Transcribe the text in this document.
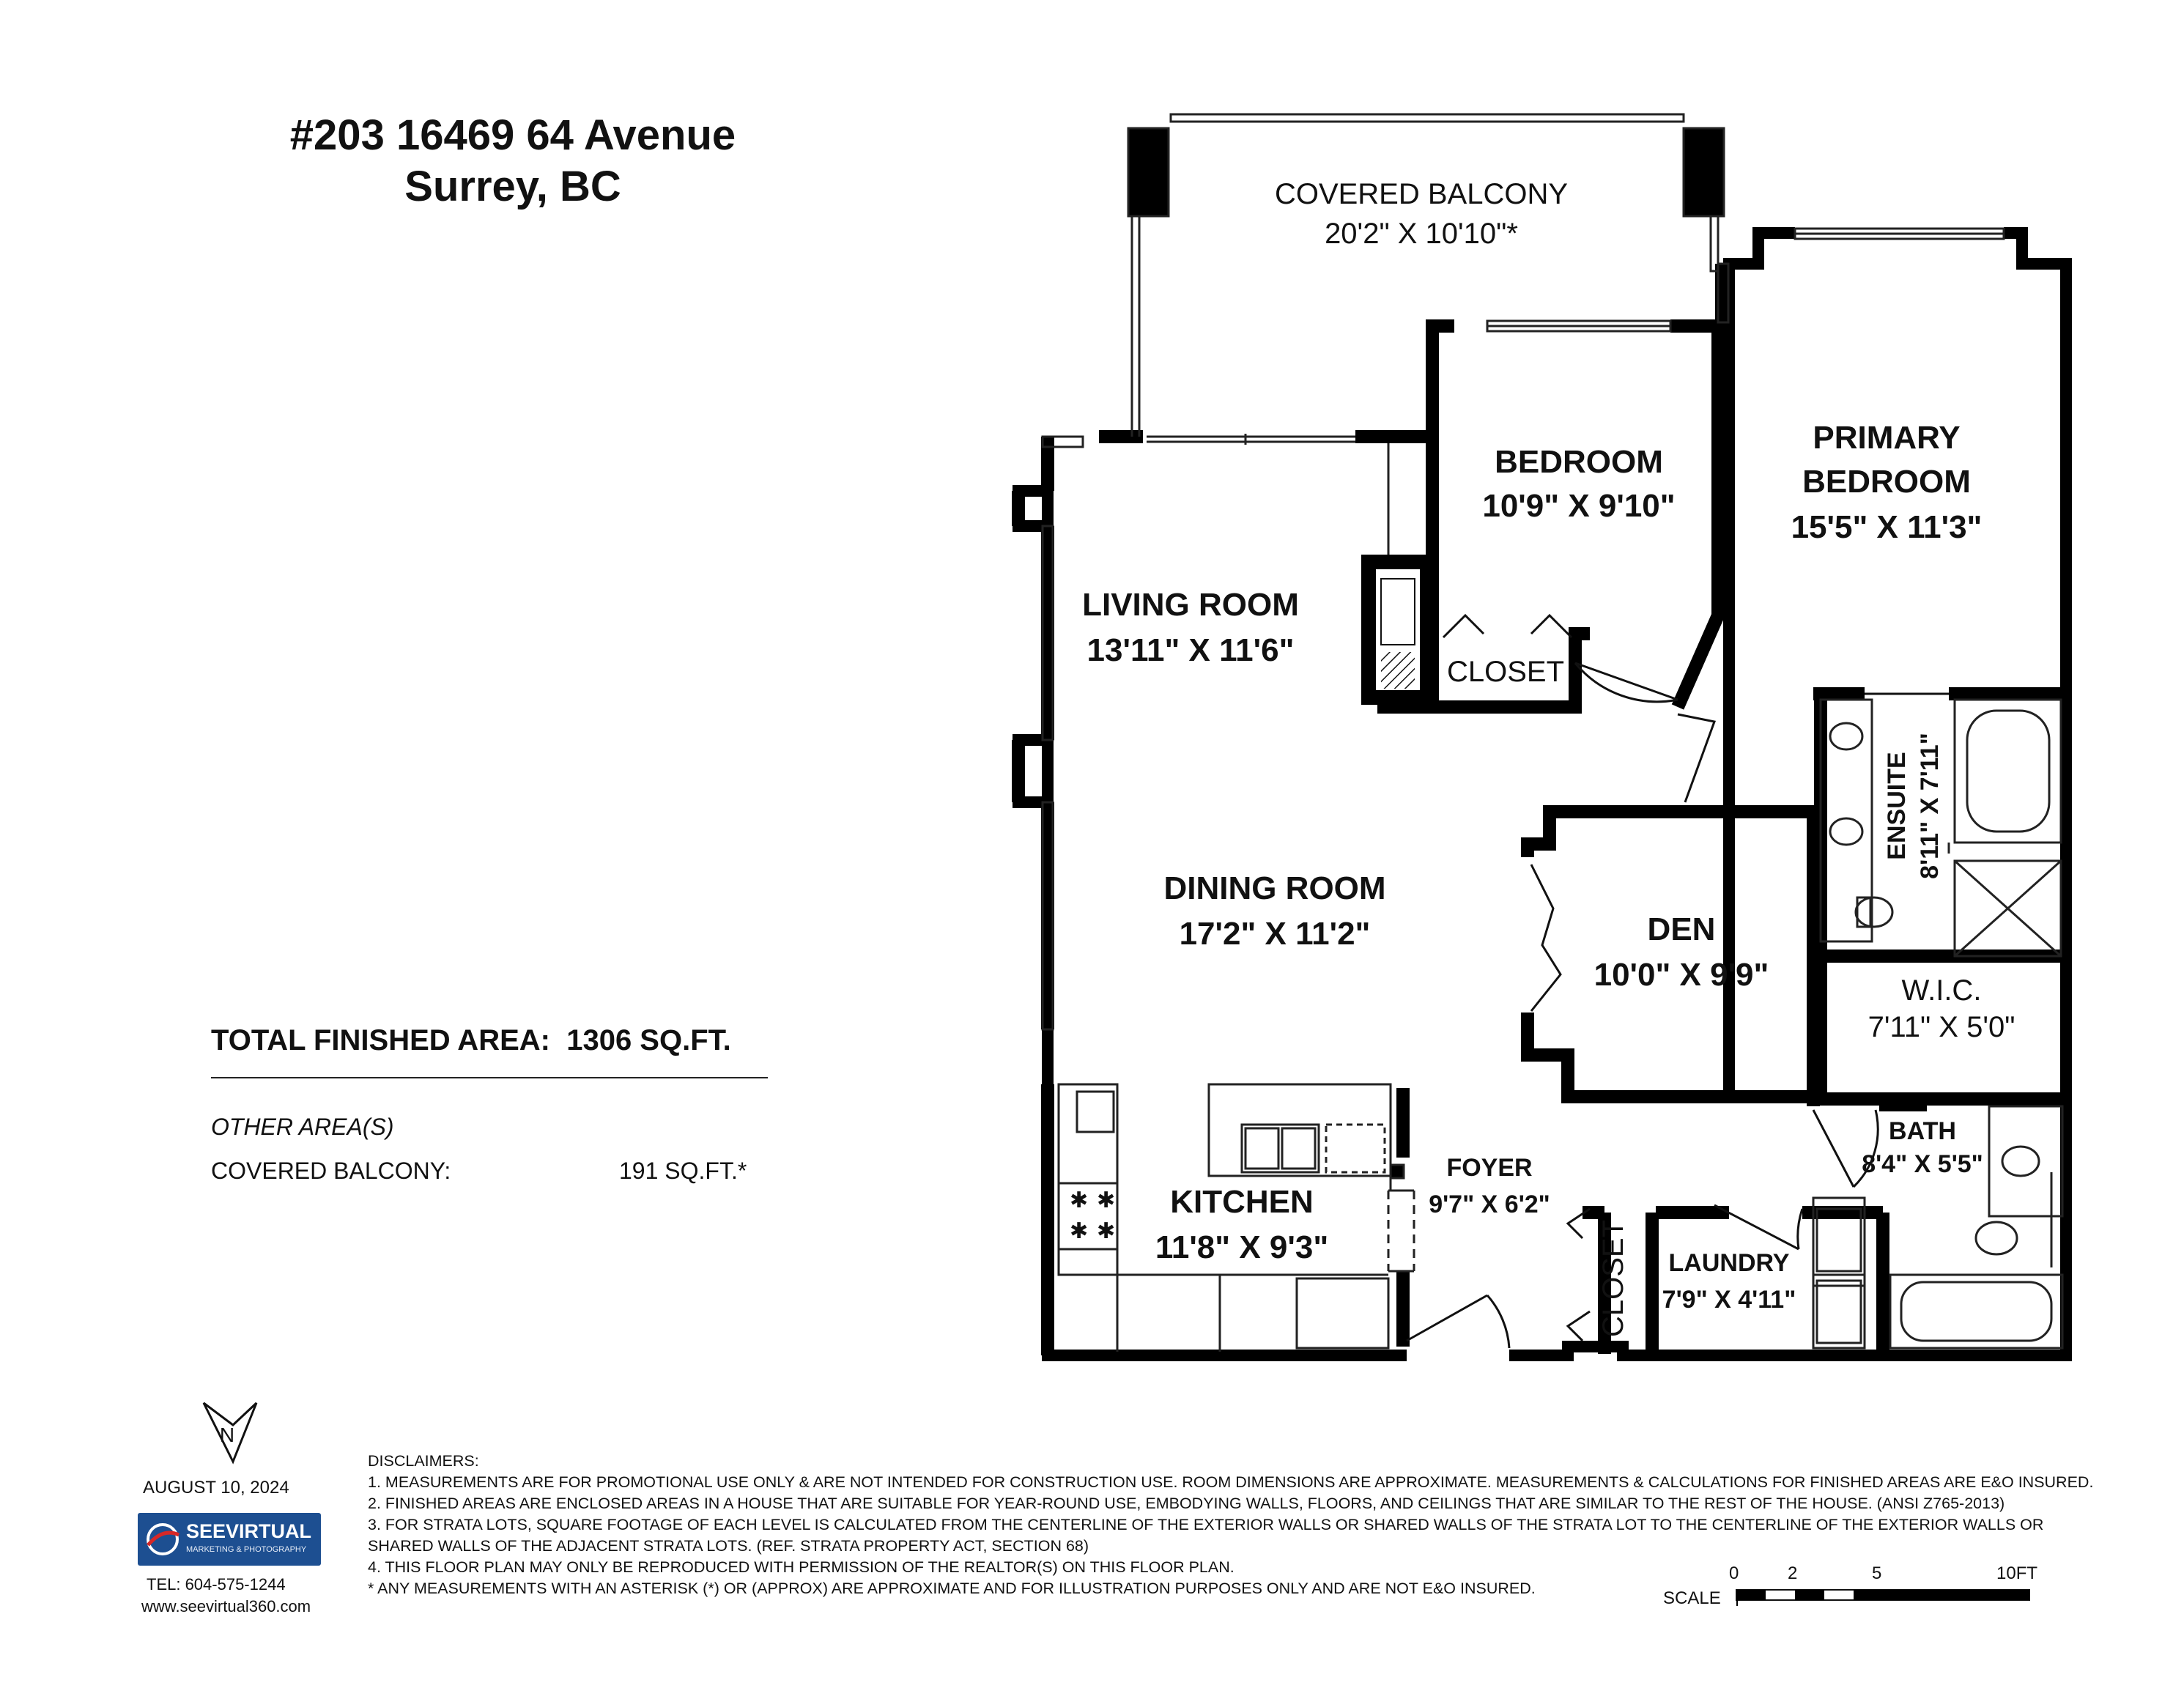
#203 16469 64 Avenue
Surrey, BC
TOTAL FINISHED AREA: 1306 SQ.FT.
OTHER AREA(S)
COVERED BALCONY:	191 SQ.FT.*
✱ ✱
✱ ✱
COVERED BALCONY
20'2" X 10'10"*
BEDROOM
10'9" X 9'10"
PRIMARY
BEDROOM
15'5" X 11'3"
LIVING ROOM
13'11" X 11'6"
CLOSET
DINING ROOM
17'2" X 11'2"	DEN
10'0" X 9'9"
ENSUITE 8'11" X 7'11"
W.I.C.
7'11" X 5'0"
KITCHEN
11'8" X 9'3"
FOYER
9'7" X 6'2"
CLOSET LAUNDRY
7'9" X 4'11"
BATH
8'4" X 5'5"
N
SCALE
0	2	5	10FT
AUGUST 10, 2024
SEEVIRTUAL
MARKETING & PHOTOGRAPHY
TEL: 604-575-1244
www.seevirtual360.com
DISCLAIMERS:
1. MEASUREMENTS ARE FOR PROMOTIONAL USE ONLY & ARE NOT INTENDED FOR CONSTRUCTION USE. ROOM DIMENSIONS ARE APPROXIMATE. MEASUREMENTS & CALCULATIONS FOR FINISHED AREAS ARE E&O INSURED.
2. FINISHED AREAS ARE ENCLOSED AREAS IN A HOUSE THAT ARE SUITABLE FOR YEAR-ROUND USE, EMBODYING WALLS, FLOORS, AND CEILINGS THAT ARE SIMILAR TO THE REST OF THE HOUSE. (ANSI Z765-2013)
3. FOR STRATA LOTS, SQUARE FOOTAGE OF EACH LEVEL IS CALCULATED FROM THE CENTERLINE OF THE EXTERIOR WALLS OR SHARED WALLS OF THE STRATA LOT TO THE CENTERLINE OF THE EXTERIOR WALLS OR
SHARED WALLS OF THE ADJACENT STRATA LOTS. (REF. STRATA PROPERTY ACT, SECTION 68)
4. THIS FLOOR PLAN MAY ONLY BE REPRODUCED WITH PERMISSION OF THE REALTOR(S) ON THIS FLOOR PLAN.
* ANY MEASUREMENTS WITH AN ASTERISK (*) OR (APPROX) ARE APPROXIMATE AND FOR ILLUSTRATION PURPOSES ONLY AND ARE NOT E&O INSURED.
